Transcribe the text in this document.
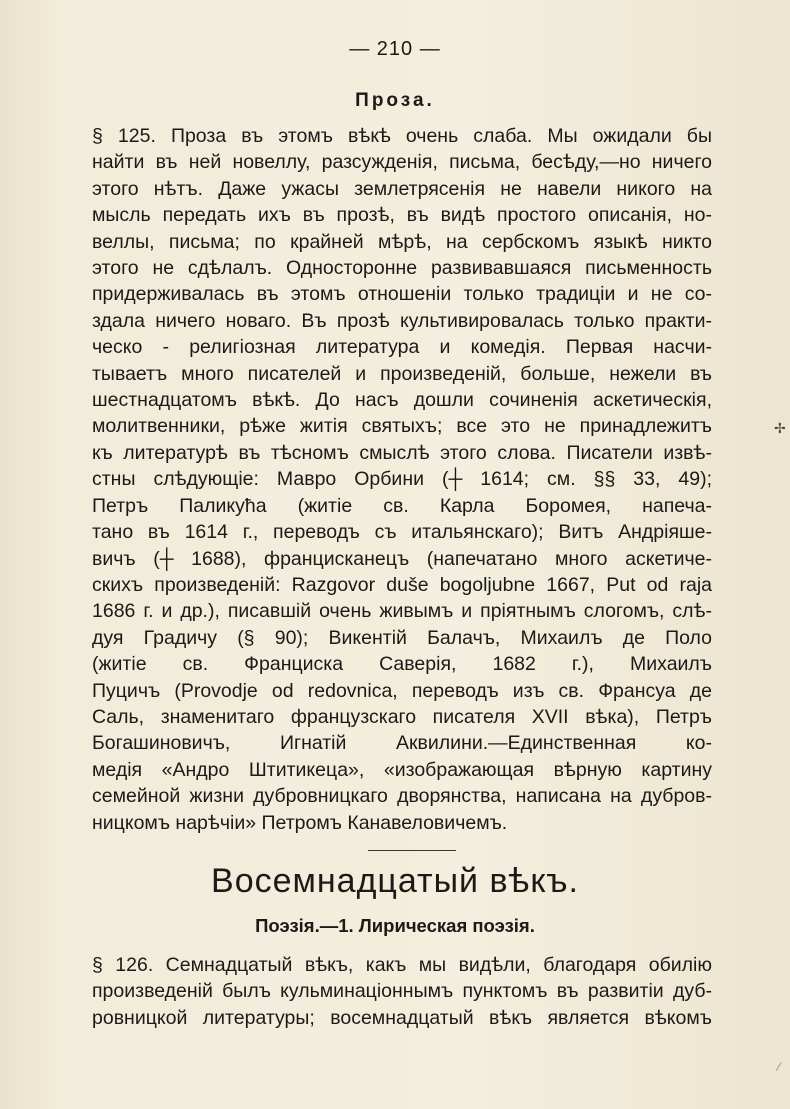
— 210 —
Проза.
§ 125. Проза въ этомъ вѣкѣ очень слаба. Мы ожидали бы
найти въ ней новеллу, разсужденія, письма, бесѣду,—но ничего
этого нѣтъ. Даже ужасы землетрясенія не навели никого на
мысль передать ихъ въ прозѣ, въ видѣ простого описанія, но-
веллы, письма; по крайней мѣрѣ, на сербскомъ языкѣ никто
этого не сдѣлалъ. Односторонне развивавшаяся письменность
придерживалась въ этомъ отношеніи только традиціи и не со-
здала ничего новаго. Въ прозѣ культивировалась только практи-
ческо - религіозная литература и комедія. Первая насчи-
тываетъ много писателей и произведеній, больше, нежели въ
шестнадцатомъ вѣкѣ. До насъ дошли сочиненія аскетическія,
молитвенники, рѣже житія святыхъ; все это не принадлежитъ
къ литературѣ въ тѣсномъ смыслѣ этого слова. Писатели извѣ-
стны слѣдующіе: Мавро Орбини (┼ 1614; см. §§ 33, 49);
Петръ Паликуħа (житіе св. Карла Боромея, напеча-
тано въ 1614 г., переводъ съ итальянскаго); Витъ Андріяше-
вичъ (┼ 1688), францисканецъ (напечатано много аскетиче-
скихъ произведеній: Razgovor duše bogoljubne 1667, Put od raja
1686 г. и др.), писавшій очень живымъ и пріятнымъ слогомъ, слѣ-
дуя Градичу (§ 90); Викентій Балачъ, Михаилъ де Поло
(житіе св. Франциска Саверія, 1682 г.), Михаилъ
Пуцичъ (Provodje od redovnica, переводъ изъ св. Франсуа де
Саль, знаменитаго французскаго писателя XVII вѣка), Петръ
Богашиновичъ, Игнатій Аквилини.—Единственная ко-
медія «Андро Штитикеца», «изображающая вѣрную картину
семейной жизни дубровницкаго дворянства, написана на дубров-
ницкомъ нарѣчіи» Петромъ Канавеловичемъ.
Восемнадцатый вѣкъ.
Поэзія.—1. Лирическая поэзія.
§ 126. Семнадцатый вѣкъ, какъ мы видѣли, благодаря обилію
произведеній былъ кульминаціоннымъ пунктомъ въ развитіи дуб-
ровницкой литературы; восемнадцатый вѣкъ является вѣкомъ
✢
⁄
